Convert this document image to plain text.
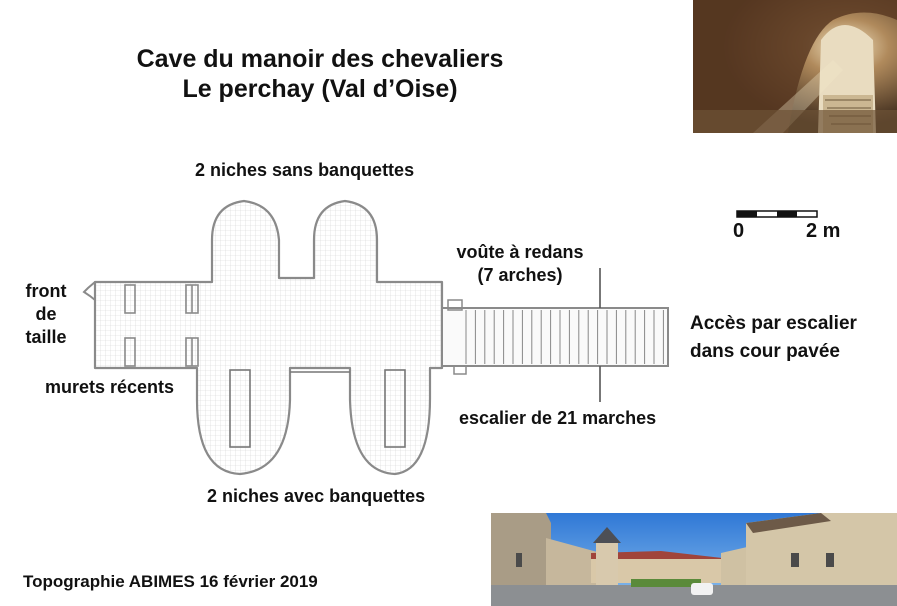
Cave du manoir des chevaliers
Le perchay (Val d’Oise)
2 niches sans banquettes
2 niches avec banquettes
front
de
taille
murets récents
voûte à redans
(7 arches)
escalier de 21 marches
Accès par escalier
dans cour pavée
0	2 m
Topographie ABIMES 16 février 2019
